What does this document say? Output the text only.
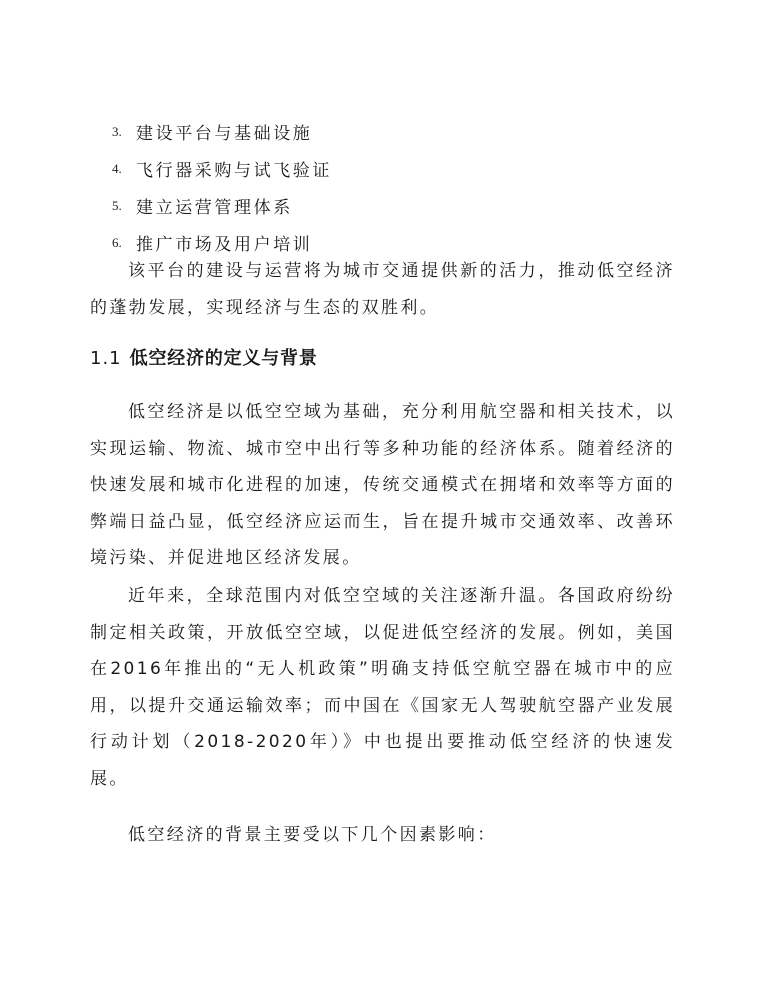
3. 建设平台与基础设施
4. 飞行器采购与试飞验证
5. 建立运营管理体系
6. 推广市场及用户培训

该平台的建设与运营将为城市交通提供新的活力，推动低空经济的蓬勃发展，实现经济与生态的双胜利。

1.1 低空经济的定义与背景

低空经济是以低空空域为基础，充分利用航空器和相关技术，以实现运输、物流、城市空中出行等多种功能的经济体系。随着经济的快速发展和城市化进程的加速，传统交通模式在拥堵和效率等方面的弊端日益凸显，低空经济应运而生，旨在提升城市交通效率、改善环境污染、并促进地区经济发展。

近年来，全球范围内对低空空域的关注逐渐升温。各国政府纷纷制定相关政策，开放低空空域，以促进低空经济的发展。例如，美国在2016年推出的“无人机政策”明确支持低空航空器在城市中的应用，以提升交通运输效率；而中国在《国家无人驾驶航空器产业发展行动计划（2018-2020年）》中也提出要推动低空经济的快速发展。

低空经济的背景主要受以下几个因素影响：
